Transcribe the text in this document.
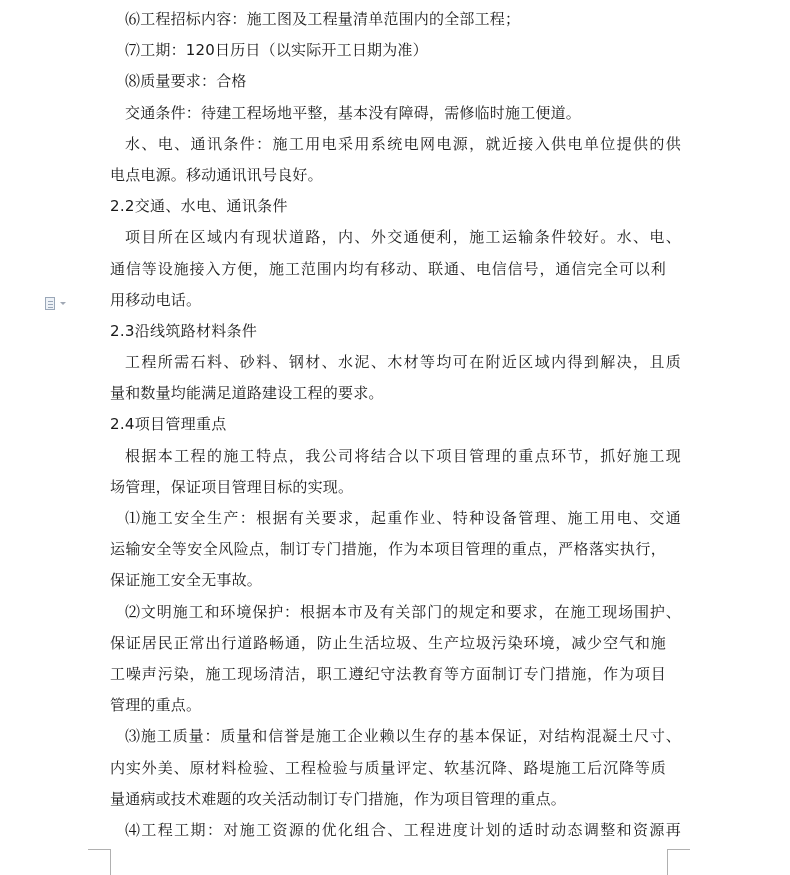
⑹工程招标内容：施工图及工程量清单范围内的全部工程；
⑺工期：120日历日（以实际开工日期为准）
⑻质量要求：合格
交通条件：待建工程场地平整，基本没有障碍，需修临时施工便道。
水、电、通讯条件：施工用电采用系统电网电源，就近接入供电单位提供的供
电点电源。移动通讯讯号良好。
2.2交通、水电、通讯条件
项目所在区域内有现状道路，内、外交通便利，施工运输条件较好。水、电、
通信等设施接入方便，施工范围内均有移动、联通、电信信号，通信完全可以利
用移动电话。
2.3沿线筑路材料条件
工程所需石料、砂料、钢材、水泥、木材等均可在附近区域内得到解决，且质
量和数量均能满足道路建设工程的要求。
2.4项目管理重点
根据本工程的施工特点，我公司将结合以下项目管理的重点环节，抓好施工现
场管理，保证项目管理目标的实现。
⑴施工安全生产：根据有关要求，起重作业、特种设备管理、施工用电、交通
运输安全等安全风险点，制订专门措施，作为本项目管理的重点，严格落实执行，
保证施工安全无事故。
⑵文明施工和环境保护：根据本市及有关部门的规定和要求，在施工现场围护、
保证居民正常出行道路畅通，防止生活垃圾、生产垃圾污染环境，减少空气和施
工噪声污染，施工现场清洁，职工遵纪守法教育等方面制订专门措施，作为项目
管理的重点。
⑶施工质量：质量和信誉是施工企业赖以生存的基本保证，对结构混凝土尺寸、
内实外美、原材料检验、工程检验与质量评定、软基沉降、路堤施工后沉降等质
量通病或技术难题的攻关活动制订专门措施，作为项目管理的重点。
⑷工程工期：对施工资源的优化组合、工程进度计划的适时动态调整和资源再
